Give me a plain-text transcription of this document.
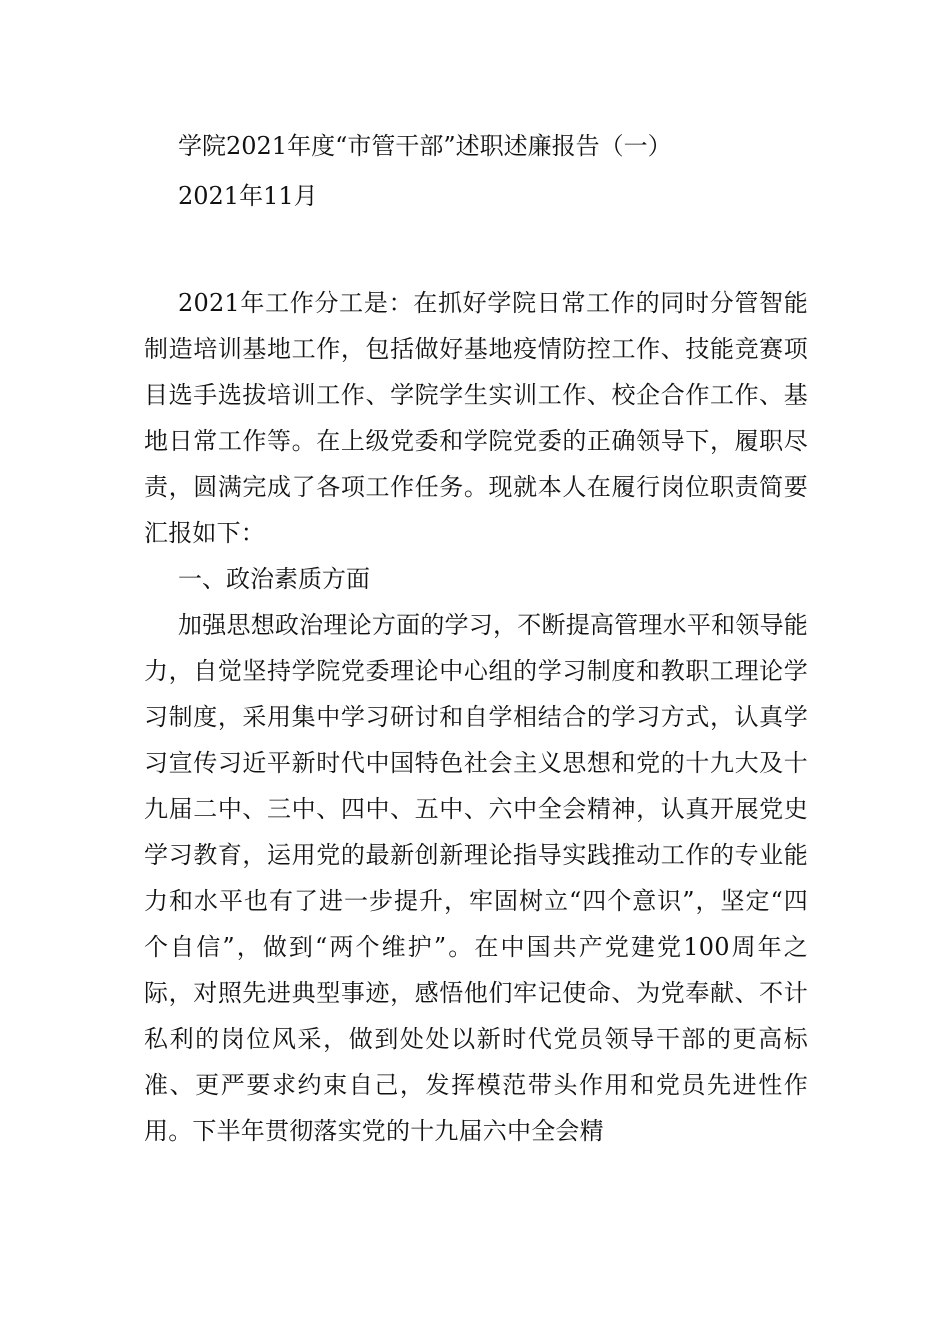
学院2021年度“市管干部”述职述廉报告（一）
2021年11月

2021年工作分工是：在抓好学院日常工作的同时分管智能制造培训基地工作，包括做好基地疫情防控工作、技能竞赛项目选手选拔培训工作、学院学生实训工作、校企合作工作、基地日常工作等。在上级党委和学院党委的正确领导下，履职尽责，圆满完成了各项工作任务。现就本人在履行岗位职责简要汇报如下：

一、政治素质方面

加强思想政治理论方面的学习，不断提高管理水平和领导能力，自觉坚持学院党委理论中心组的学习制度和教职工理论学习制度，采用集中学习研讨和自学相结合的学习方式，认真学习宣传习近平新时代中国特色社会主义思想和党的十九大及十九届二中、三中、四中、五中、六中全会精神，认真开展党史学习教育，运用党的最新创新理论指导实践推动工作的专业能力和水平也有了进一步提升，牢固树立“四个意识”，坚定“四个自信”，做到“两个维护”。在中国共产党建党100周年之际，对照先进典型事迹，感悟他们牢记使命、为党奉献、不计私利的岗位风采，做到处处以新时代党员领导干部的更高标准、更严要求约束自己，发挥模范带头作用和党员先进性作用。下半年贯彻落实党的十九届六中全会精
